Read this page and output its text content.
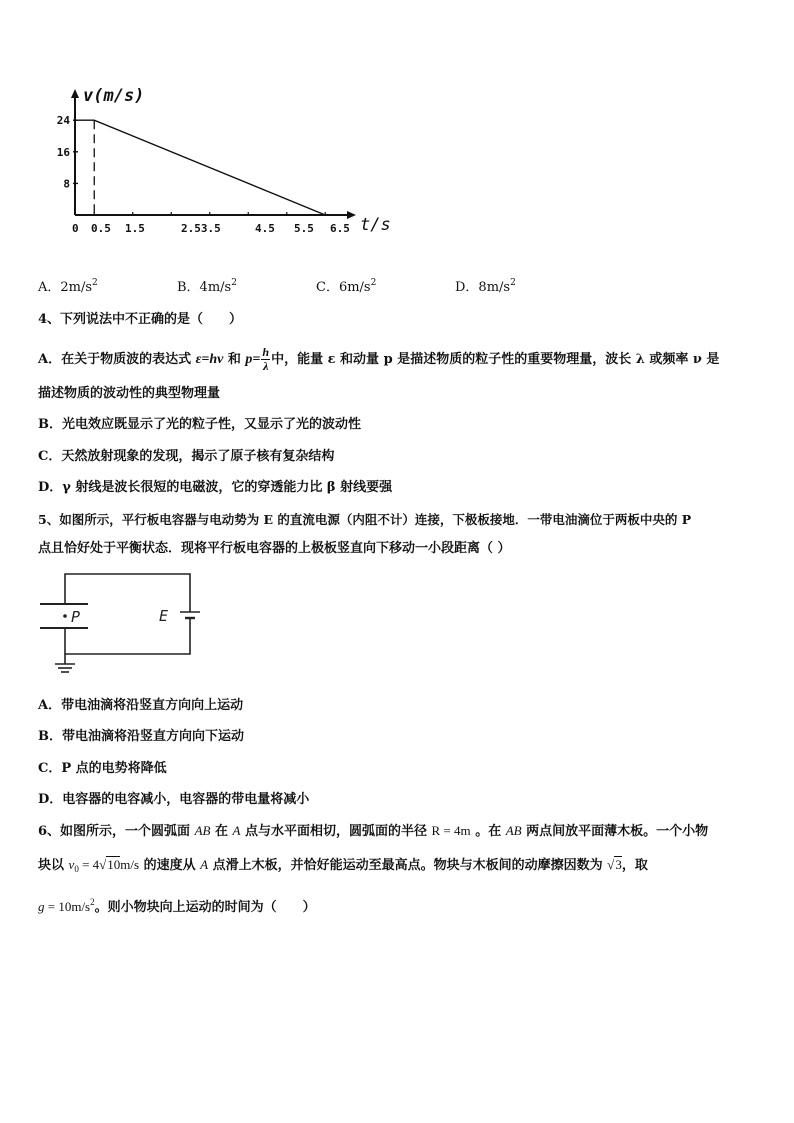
v(m/s)
t/s
24
16
8
0 0.5 1.5	2.53.5	4.5 5.5 6.5
A．$2m/s^2$	B．$4m/s^2$	C．$6m/s^2$	D．$8m/s^2$
4、下列说法中不正确的是（　　）
A．在关于物质波的表达式 ε=hν 和 $p= \frac{h}{\lambda}$ 中，能量 ε 和动量 p 是描述物质的粒子性的重要物理量，波长 λ 或频率 ν 是
描述物质的波动性的典型物理量
B．光电效应既显示了光的粒子性，又显示了光的波动性
C．天然放射现象的发现，揭示了原子核有复杂结构
D．γ 射线是波长很短的电磁波，它的穿透能力比 β 射线要强
5、如图所示，平行板电容器与电动势为 E 的直流电源（内阻不计）连接，下极板接地．一带电油滴位于两板中央的 P
点且恰好处于平衡状态．现将平行板电容器的上极板竖直向下移动一小段距离（ ）
P	E
A．带电油滴将沿竖直方向向上运动
B．带电油滴将沿竖直方向向下运动
C．P 点的电势将降低
D．电容器的电容减小，电容器的带电量将减小
6、如图所示，一个圆弧面 AB 在 A 点与水平面相切，圆弧面的半径 R = 4m 。在 AB 两点间放平面薄木板。一个小物
块以 $v_0 = 4√10m/s$ 的速度从 A 点滑上木板，并恰好能运动至最高点。物块与木板间的动摩擦因数为 √3，取
$g = 10m/s^2$。则小物块向上运动的时间为（　　）
